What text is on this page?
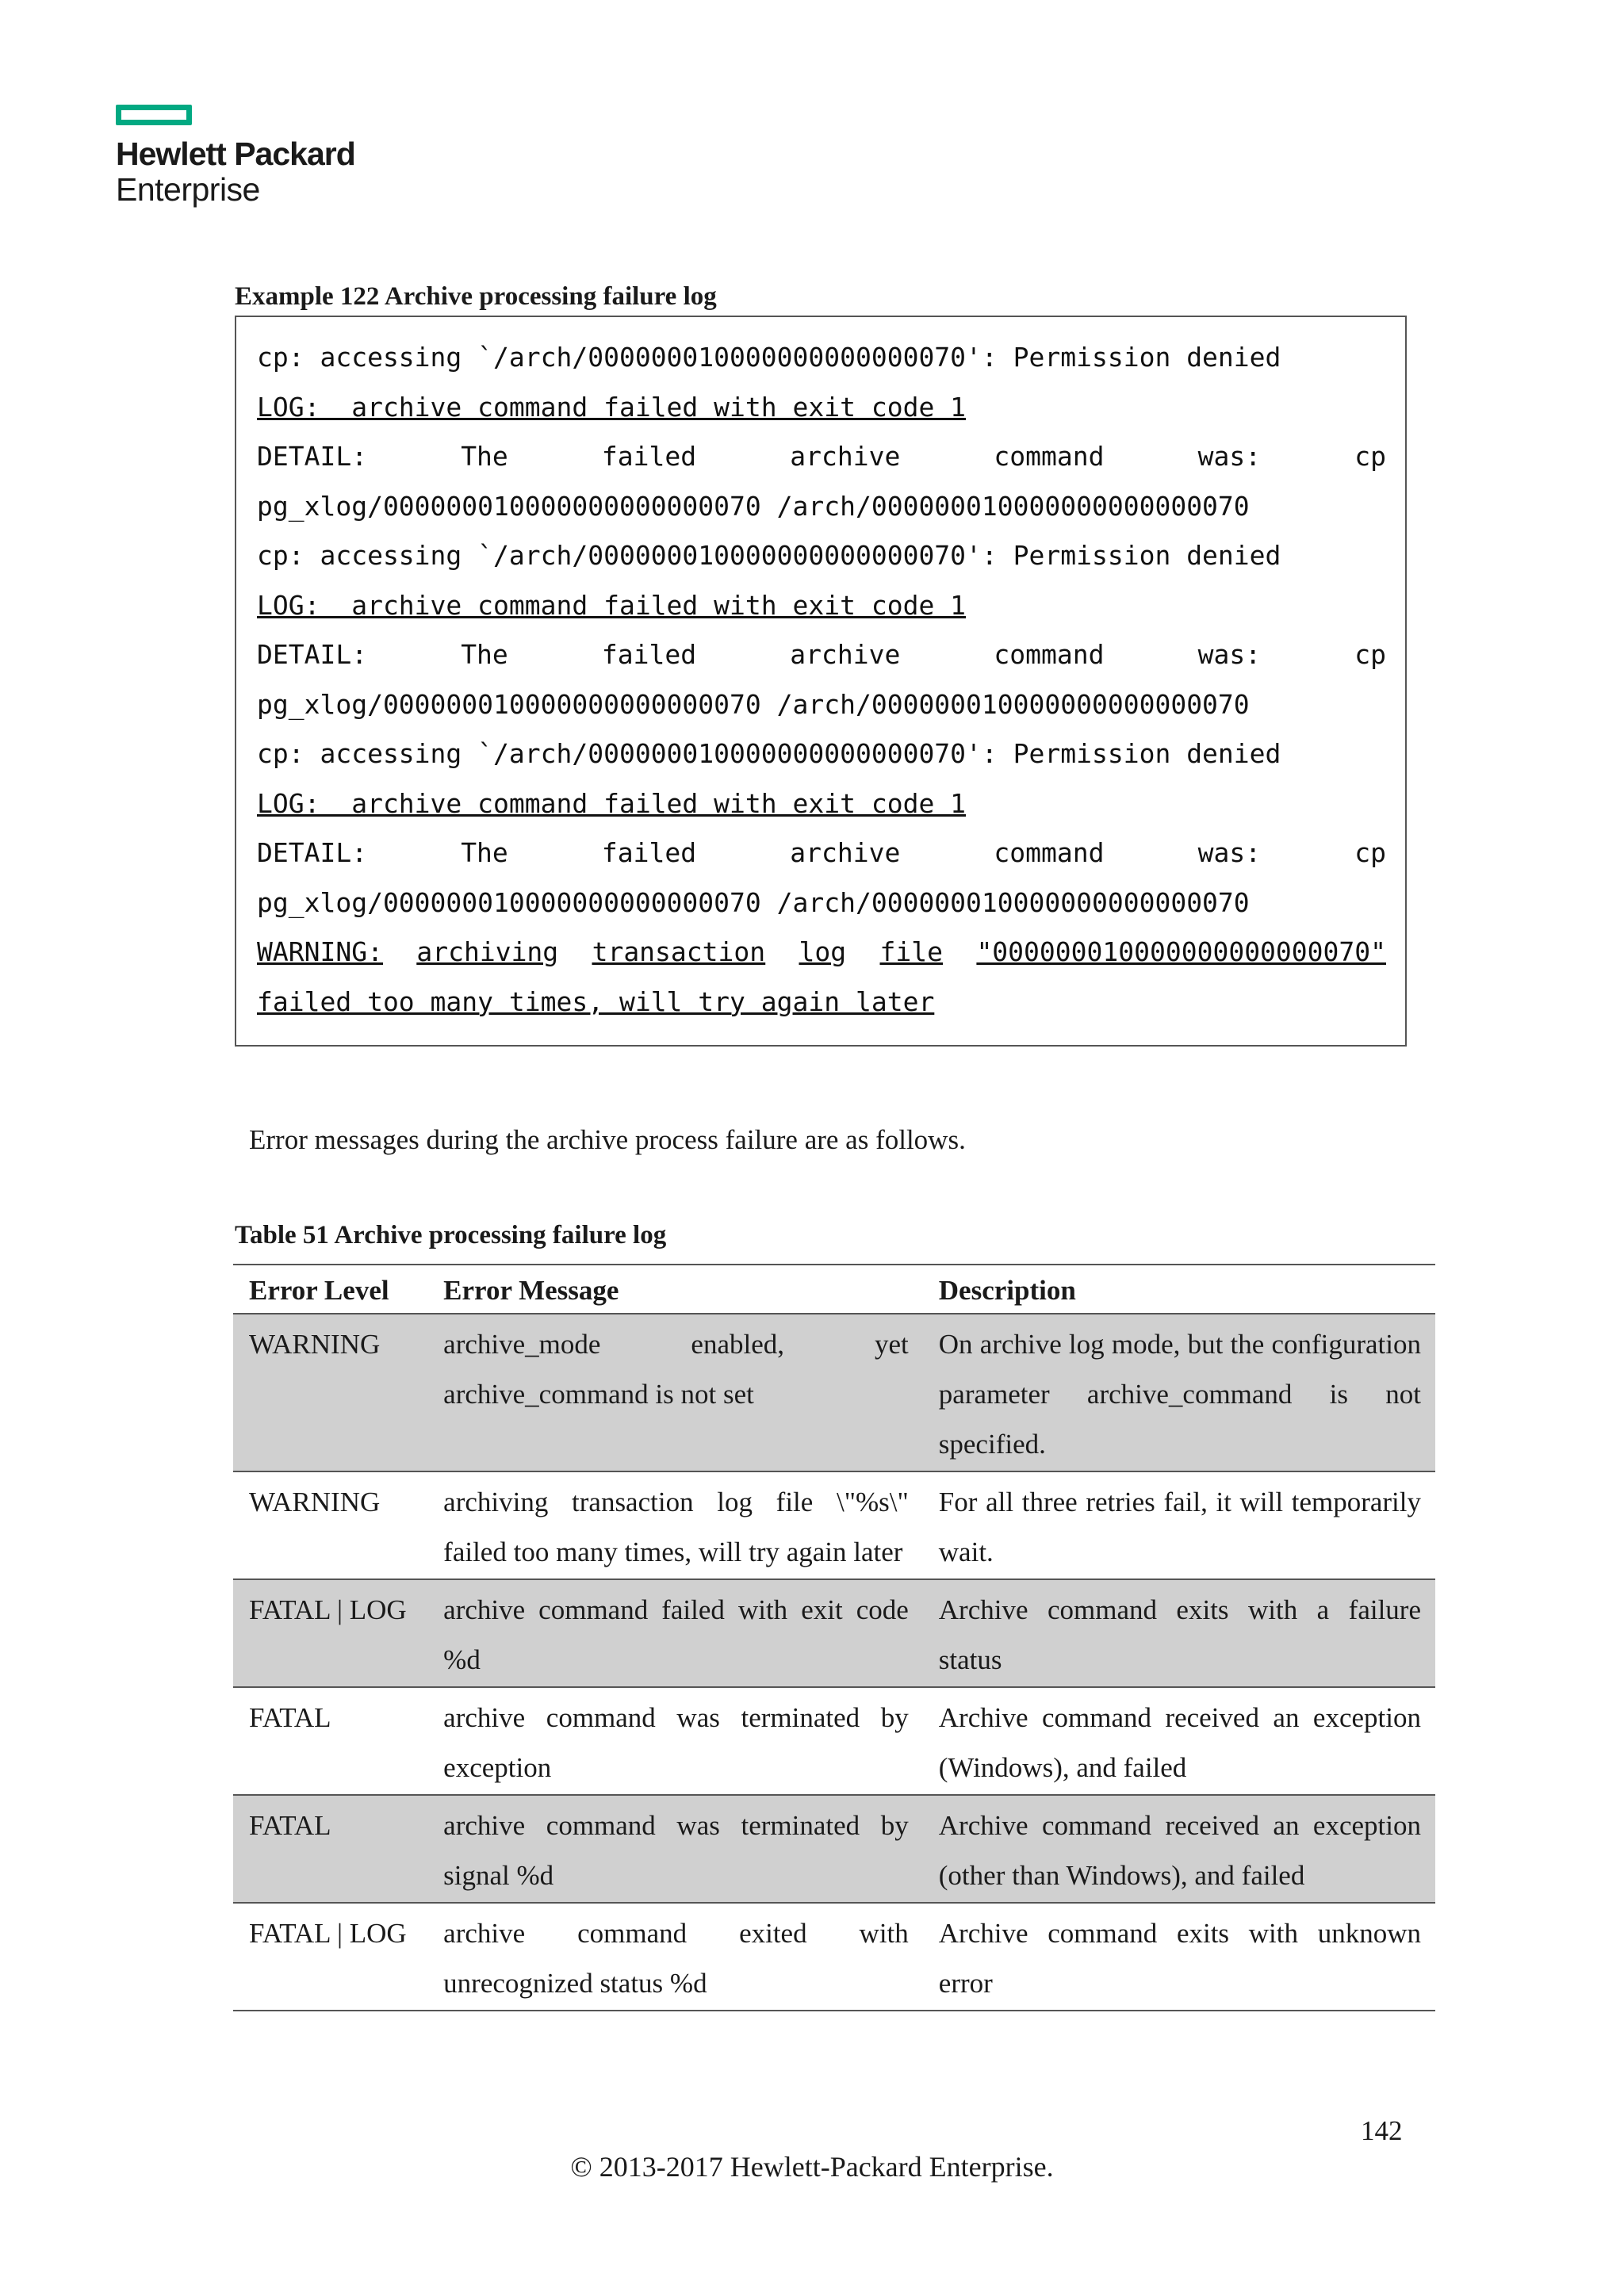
Hewlett Packard
Enterprise
Example 122 Archive processing failure log
cp: accessing `/arch/000000010000000000000070': Permission denied
LOG:  archive command failed with exit code 1
DETAIL:	The	failed	archive	command	was:	cp
pg_xlog/000000010000000000000070 /arch/000000010000000000000070
cp: accessing `/arch/000000010000000000000070': Permission denied
LOG:  archive command failed with exit code 1
DETAIL:	The	failed	archive	command	was:	cp
pg_xlog/000000010000000000000070 /arch/000000010000000000000070
cp: accessing `/arch/000000010000000000000070': Permission denied
LOG:  archive command failed with exit code 1
DETAIL:	The	failed	archive	command	was:	cp
pg_xlog/000000010000000000000070 /arch/000000010000000000000070
WARNING: archiving transaction log file "000000010000000000000070"
failed too many times, will try again later
Error messages during the archive process failure are as follows.
Table 51 Archive processing failure log
Error Level	Error Message	Description
WARNING	archive_mode enabled, yet archive_command is not set	On archive log mode, but the configuration parameter archive_command is not specified.
WARNING	archiving transaction log file \"%s\" failed too many times, will try again later	For all three retries fail, it will temporarily wait.
FATAL | LOG	archive command failed with exit code %d	Archive command exits with a failure status
FATAL	archive command was terminated by exception	Archive command received an exception (Windows), and failed
FATAL	archive command was terminated by signal %d	Archive command received an exception (other than Windows), and failed
FATAL | LOG	archive command exited with unrecognized status %d	Archive command exits with unknown error
142
© 2013-2017 Hewlett-Packard Enterprise.
